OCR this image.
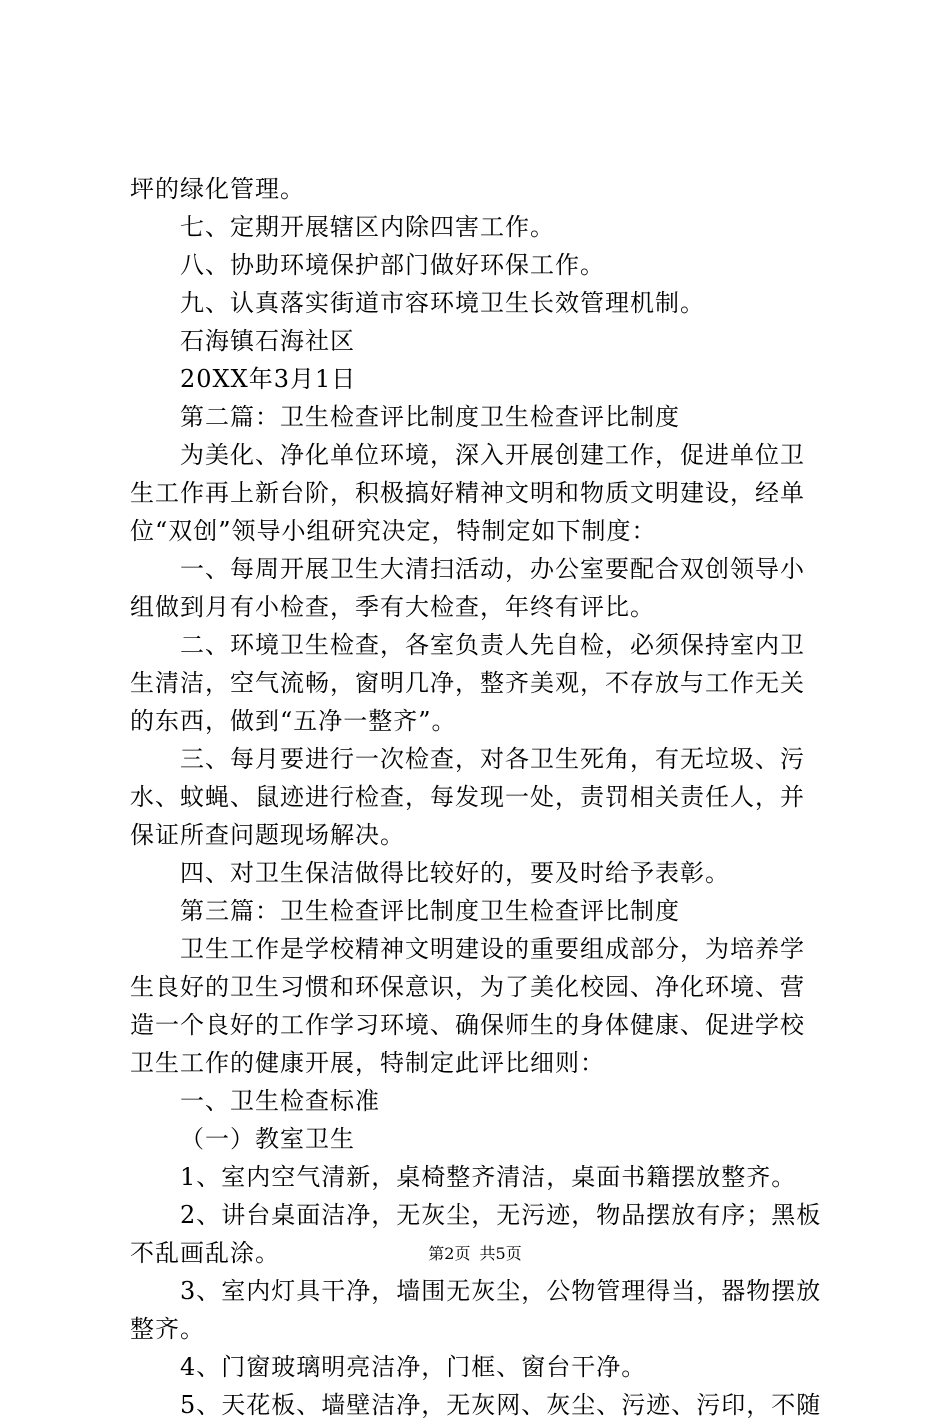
坪的绿化管理。
七、定期开展辖区内除四害工作。
八、协助环境保护部门做好环保工作。
九、认真落实街道市容环境卫生长效管理机制。
石海镇石海社区
20XX年3月1日
第二篇：卫生检查评比制度卫生检查评比制度
为美化、净化单位环境，深入开展创建工作，促进单位卫
生工作再上新台阶，积极搞好精神文明和物质文明建设，经单
位“双创”领导小组研究决定，特制定如下制度：
一、每周开展卫生大清扫活动，办公室要配合双创领导小
组做到月有小检查，季有大检查，年终有评比。
二、环境卫生检查，各室负责人先自检，必须保持室内卫
生清洁，空气流畅，窗明几净，整齐美观，不存放与工作无关
的东西，做到“五净一整齐”。
三、每月要进行一次检查，对各卫生死角，有无垃圾、污
水、蚊蝇、鼠迹进行检查，每发现一处，责罚相关责任人，并
保证所查问题现场解决。
四、对卫生保洁做得比较好的，要及时给予表彰。
第三篇：卫生检查评比制度卫生检查评比制度
卫生工作是学校精神文明建设的重要组成部分，为培养学
生良好的卫生习惯和环保意识，为了美化校园、净化环境、营
造一个良好的工作学习环境、确保师生的身体健康、促进学校
卫生工作的健康开展，特制定此评比细则：
一、卫生检查标准
（一）教室卫生
1、室内空气清新，桌椅整齐清洁，桌面书籍摆放整齐。
2、讲台桌面洁净，无灰尘，无污迹，物品摆放有序；黑板
不乱画乱涂。
3、室内灯具干净，墙围无灰尘，公物管理得当，器物摆放
整齐。
4、门窗玻璃明亮洁净，门框、窗台干净。
5、天花板、墙壁洁净，无灰网、灰尘、污迹、污印，不随
第2页 共5页
